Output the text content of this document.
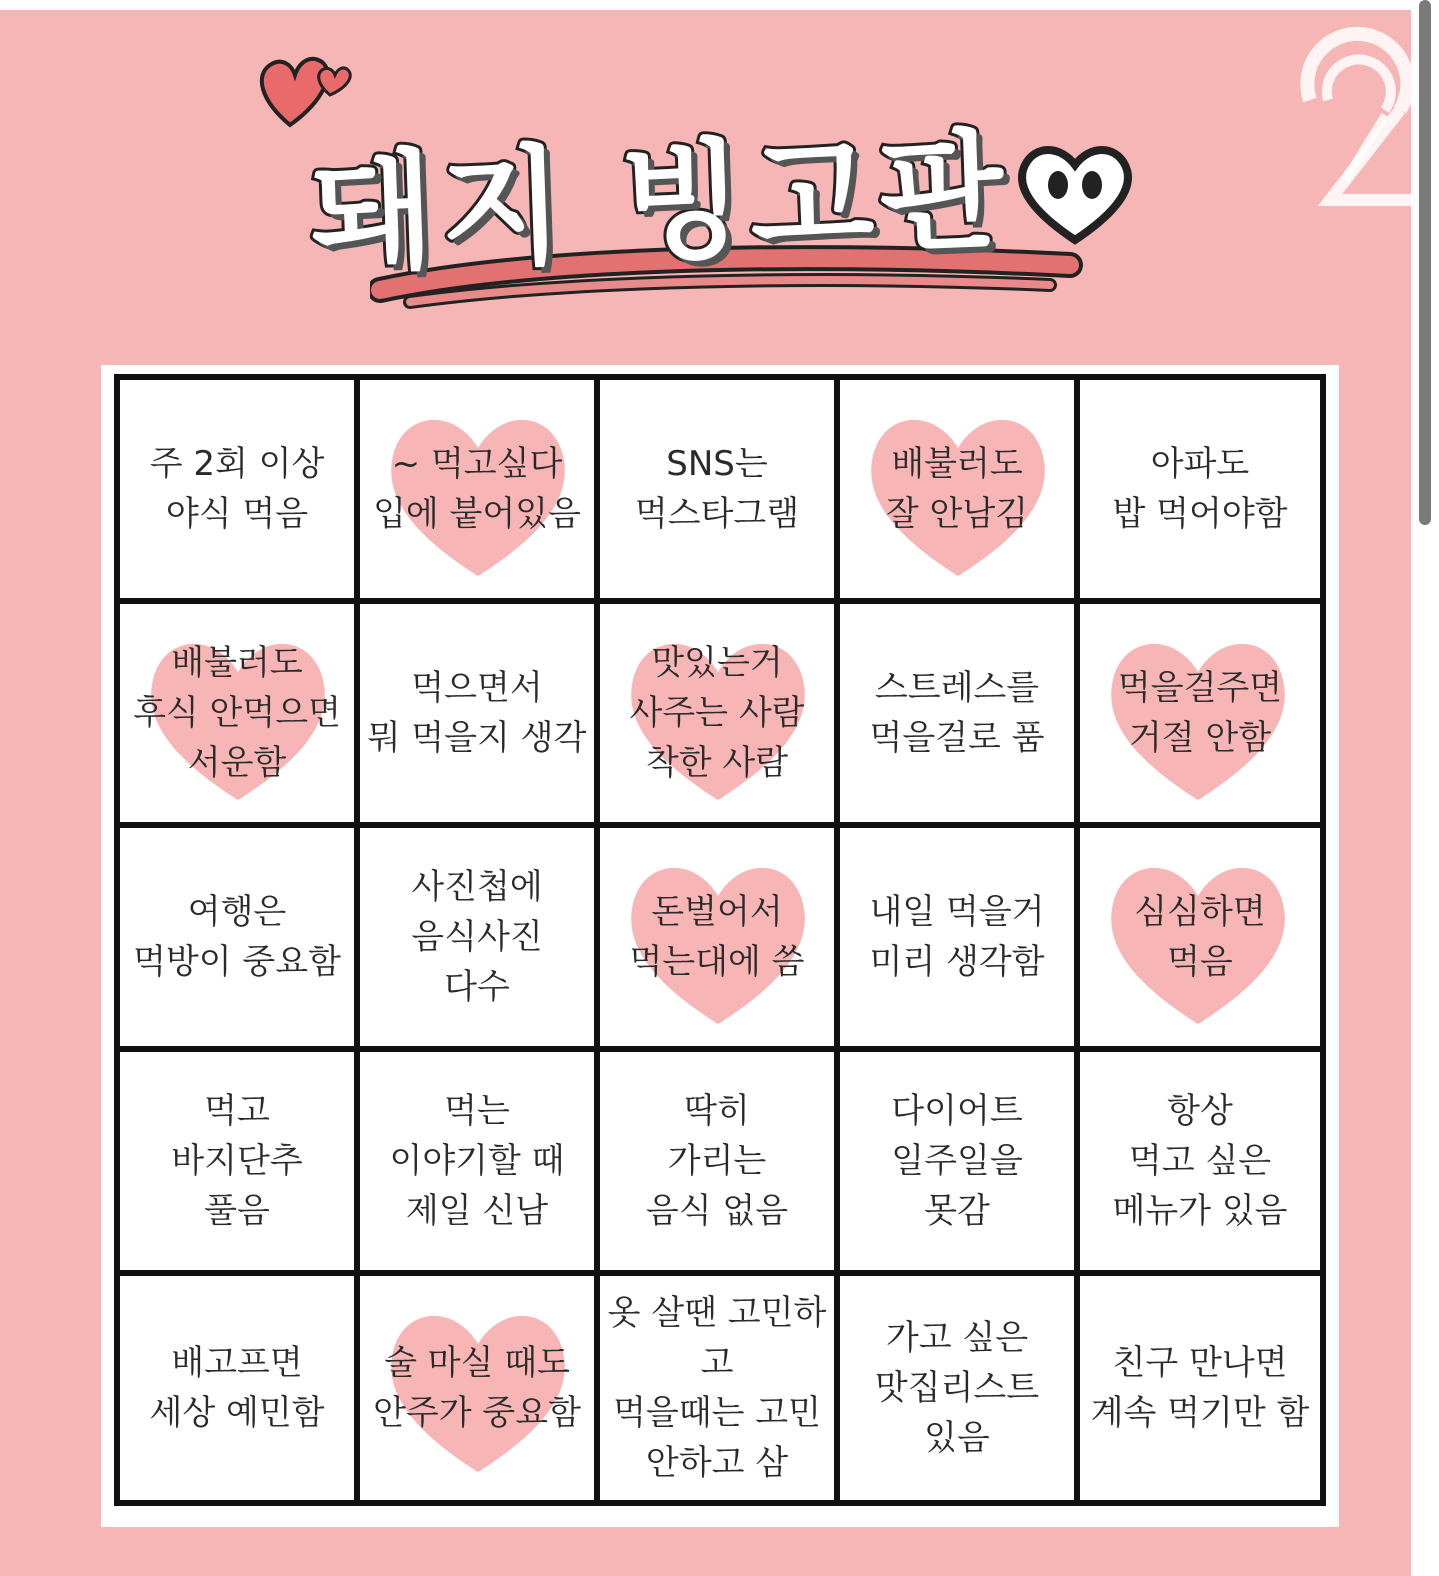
돼지 빙고판
주 2회 이상
야식 먹음
~ 먹고싶다
입에 붙어있음
SNS는
먹스타그램
배불러도
잘 안남김
아파도
밥 먹어야함
배불러도
후식 안먹으면
서운함
먹으면서
뭐 먹을지 생각
맛있는거
사주는 사람
착한 사람
스트레스를
먹을걸로 품
먹을걸주면
거절 안함
여행은
먹방이 중요함
사진첩에
음식사진
다수
돈벌어서
먹는대에 씀
내일 먹을거
미리 생각함
심심하면
먹음
먹고
바지단추
풀음
먹는
이야기할 때
제일 신남
딱히
가리는
음식 없음
다이어트
일주일을
못감
항상
먹고 싶은
메뉴가 있음
배고프면
세상 예민함
술 마실 때도
안주가 중요함
옷 살땐 고민하고
먹을때는 고민
안하고 삼
가고 싶은
맛집리스트
있음
친구 만나면
계속 먹기만 함
